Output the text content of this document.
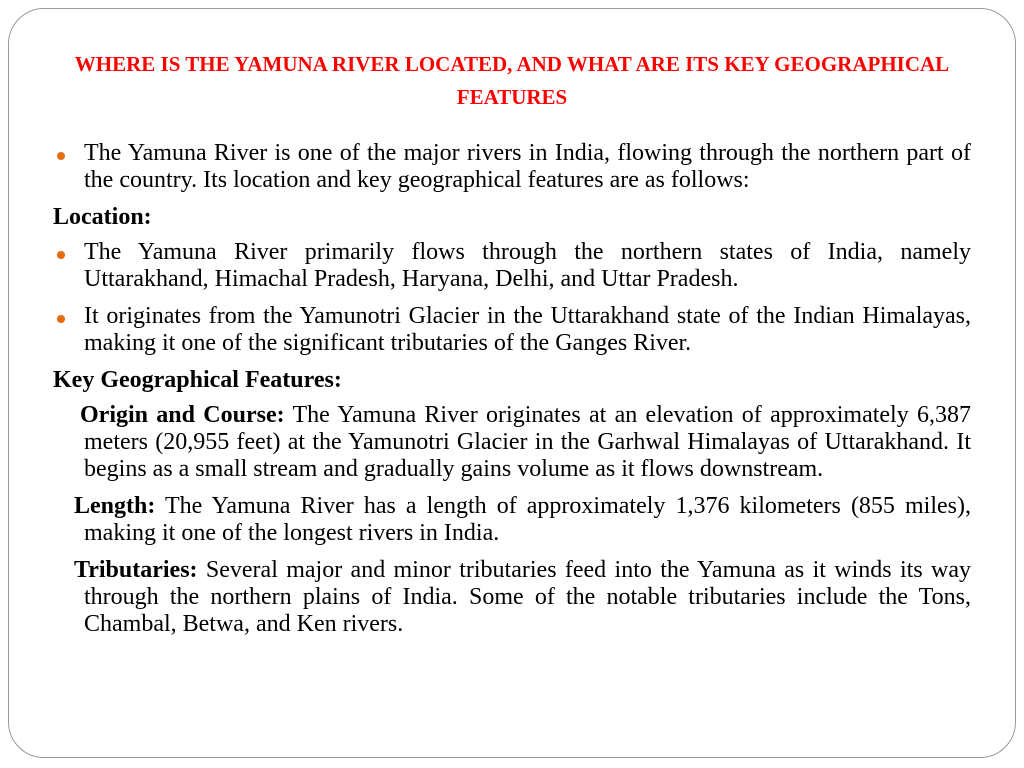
WHERE IS THE YAMUNA RIVER LOCATED, AND WHAT ARE ITS KEY GEOGRAPHICAL FEATURES

The Yamuna River is one of the major rivers in India, flowing through the northern part of the country. Its location and key geographical features are as follows:

Location:

The Yamuna River primarily flows through the northern states of India, namely Uttarakhand, Himachal Pradesh, Haryana, Delhi, and Uttar Pradesh.

It originates from the Yamunotri Glacier in the Uttarakhand state of the Indian Himalayas, making it one of the significant tributaries of the Ganges River.

Key Geographical Features:

Origin and Course: The Yamuna River originates at an elevation of approximately 6,387 meters (20,955 feet) at the Yamunotri Glacier in the Garhwal Himalayas of Uttarakhand. It begins as a small stream and gradually gains volume as it flows downstream.

Length: The Yamuna River has a length of approximately 1,376 kilometers (855 miles), making it one of the longest rivers in India.

Tributaries: Several major and minor tributaries feed into the Yamuna as it winds its way through the northern plains of India. Some of the notable tributaries include the Tons, Chambal, Betwa, and Ken rivers.
